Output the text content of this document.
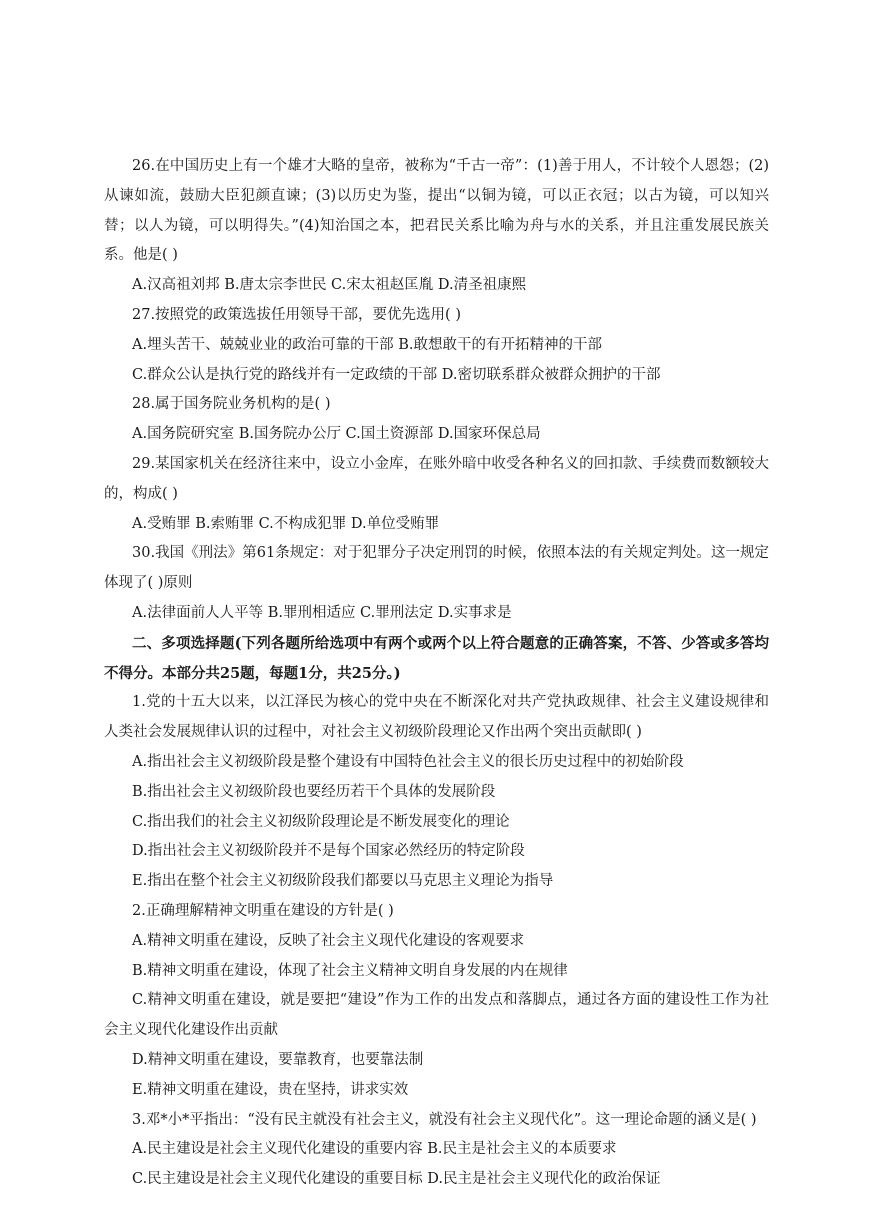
26.在中国历史上有一个雄才大略的皇帝，被称为“千古一帝”：(1)善于用人，不计较个人恩怨；(2)从谏如流，鼓励大臣犯颜直谏；(3)以历史为鉴，提出“以铜为镜，可以正衣冠；以古为镜，可以知兴替；以人为镜，可以明得失。”(4)知治国之本，把君民关系比喻为舟与水的关系，并且注重发展民族关系。他是( )

A.汉高祖刘邦 B.唐太宗李世民 C.宋太祖赵匡胤 D.清圣祖康熙

27.按照党的政策选拔任用领导干部，要优先选用( )

A.埋头苦干、兢兢业业的政治可靠的干部 B.敢想敢干的有开拓精神的干部

C.群众公认是执行党的路线并有一定政绩的干部 D.密切联系群众被群众拥护的干部

28.属于国务院业务机构的是( )

A.国务院研究室 B.国务院办公厅 C.国土资源部 D.国家环保总局

29.某国家机关在经济往来中，设立小金库，在账外暗中收受各种名义的回扣款、手续费而数额较大的，构成( )

A.受贿罪 B.索贿罪 C.不构成犯罪 D.单位受贿罪

30.我国《刑法》第61条规定：对于犯罪分子决定刑罚的时候，依照本法的有关规定判处。这一规定体现了( )原则

A.法律面前人人平等 B.罪刑相适应 C.罪刑法定 D.实事求是

二、多项选择题(下列各题所给选项中有两个或两个以上符合题意的正确答案，不答、少答或多答均不得分。本部分共25题，每题1分，共25分。)

1.党的十五大以来，以江泽民为核心的党中央在不断深化对共产党执政规律、社会主义建设规律和人类社会发展规律认识的过程中，对社会主义初级阶段理论又作出两个突出贡献即( )

A.指出社会主义初级阶段是整个建设有中国特色社会主义的很长历史过程中的初始阶段

B.指出社会主义初级阶段也要经历若干个具体的发展阶段

C.指出我们的社会主义初级阶段理论是不断发展变化的理论

D.指出社会主义初级阶段并不是每个国家必然经历的特定阶段

E.指出在整个社会主义初级阶段我们都要以马克思主义理论为指导

2.正确理解精神文明重在建设的方针是( )

A.精神文明重在建设，反映了社会主义现代化建设的客观要求

B.精神文明重在建设，体现了社会主义精神文明自身发展的内在规律

C.精神文明重在建设，就是要把“建设”作为工作的出发点和落脚点，通过各方面的建设性工作为社会主义现代化建设作出贡献

D.精神文明重在建设，要靠教育，也要靠法制

E.精神文明重在建设，贵在坚持，讲求实效

3.邓*小*平指出：“没有民主就没有社会主义，就没有社会主义现代化”。这一理论命题的涵义是( )

A.民主建设是社会主义现代化建设的重要内容 B.民主是社会主义的本质要求

C.民主建设是社会主义现代化建设的重要目标 D.民主是社会主义现代化的政治保证
